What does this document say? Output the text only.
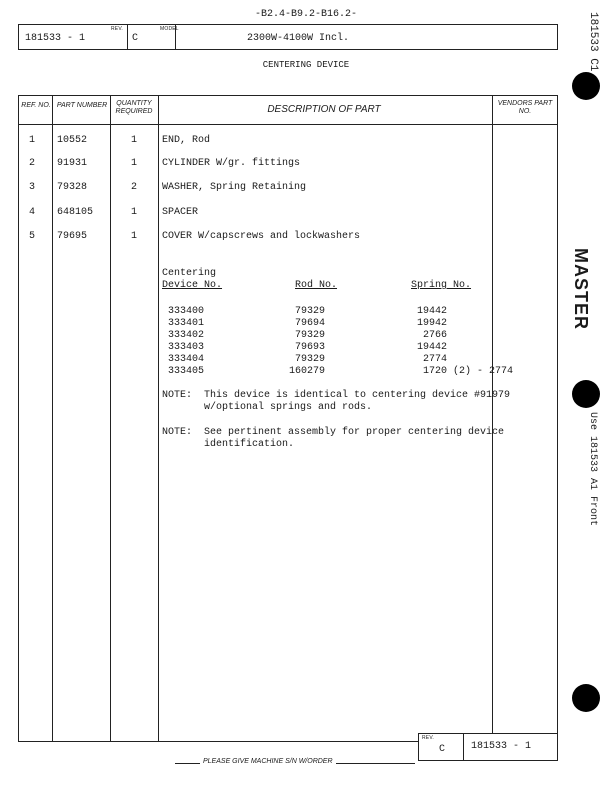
-B2.4-B9.2-B16.2-
REV.	MODEL
181533 - 1	C	2300W-4100W Incl.
CENTERING DEVICE
REF. NO. PART NUMBER	QUANTITY REQUIRED	DESCRIPTION OF PART
VENDORS PART NO.
1 10552	1 END, Rod
2 91931	1 CYLINDER W/gr. fittings
3 79328	2 WASHER, Spring Retaining
4 648105	1 SPACER
5 79695	1 COVER W/capscrews and lockwashers
Centering
Device No.	Rod No.	Spring No.
333400	79329	19442
333401	79694	19942
333402	79329	2766
333403	79693	19442
333404	79329	2774
333405	160279	1720 (2) - 2774
NOTE: This device is identical to centering device #91979
w/optional springs and rods.
NOTE: See pertinent assembly for proper centering device
identification.
REV.
C	181533 - 1
PLEASE GIVE MACHINE S/N W/ORDER
181533 C1
MASTER
Use 181533 A1 Front
